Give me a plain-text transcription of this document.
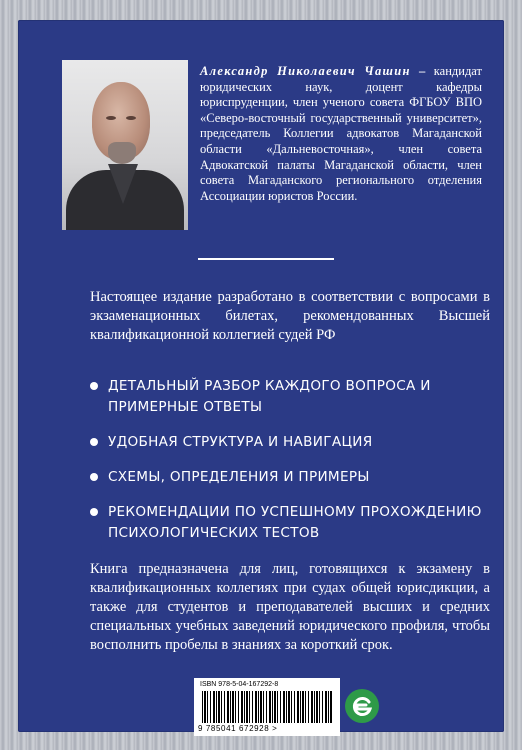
Александр Николаевич Чашин – кандидат юридических наук, доцент кафедры юриспруденции, член ученого совета ФГБОУ ВПО «Северо-восточный государственный университет», председатель Коллегии адвокатов Магаданской области «Дальневосточная», член совета Адвокатской палаты Магаданской области, член совета Магаданского регионального отделения Ассоциации юристов России.
Настоящее издание разработано в соответствии с вопросами в экзаменационных билетах, рекомендованных Высшей квалификационной коллегией судей РФ
ДЕТАЛЬНЫЙ РАЗБОР КАЖДОГО ВОПРОСА И ПРИМЕРНЫЕ ОТВЕТЫ
УДОБНАЯ СТРУКТУРА И НАВИГАЦИЯ
СХЕМЫ, ОПРЕДЕЛЕНИЯ И ПРИМЕРЫ
РЕКОМЕНДАЦИИ ПО УСПЕШНОМУ ПРОХОЖДЕНИЮ ПСИХОЛОГИЧЕСКИХ ТЕСТОВ
Книга предназначена для лиц, готовящихся к экзамену в квалификационных коллегиях при судах общей юрисдикции, а также для студентов и преподавателей высших и средних специальных учебных заведений юридического профиля, чтобы восполнить пробелы в знаниях за короткий срок.
ISBN 978-5-04-167292-8
9 785041 672928 >
